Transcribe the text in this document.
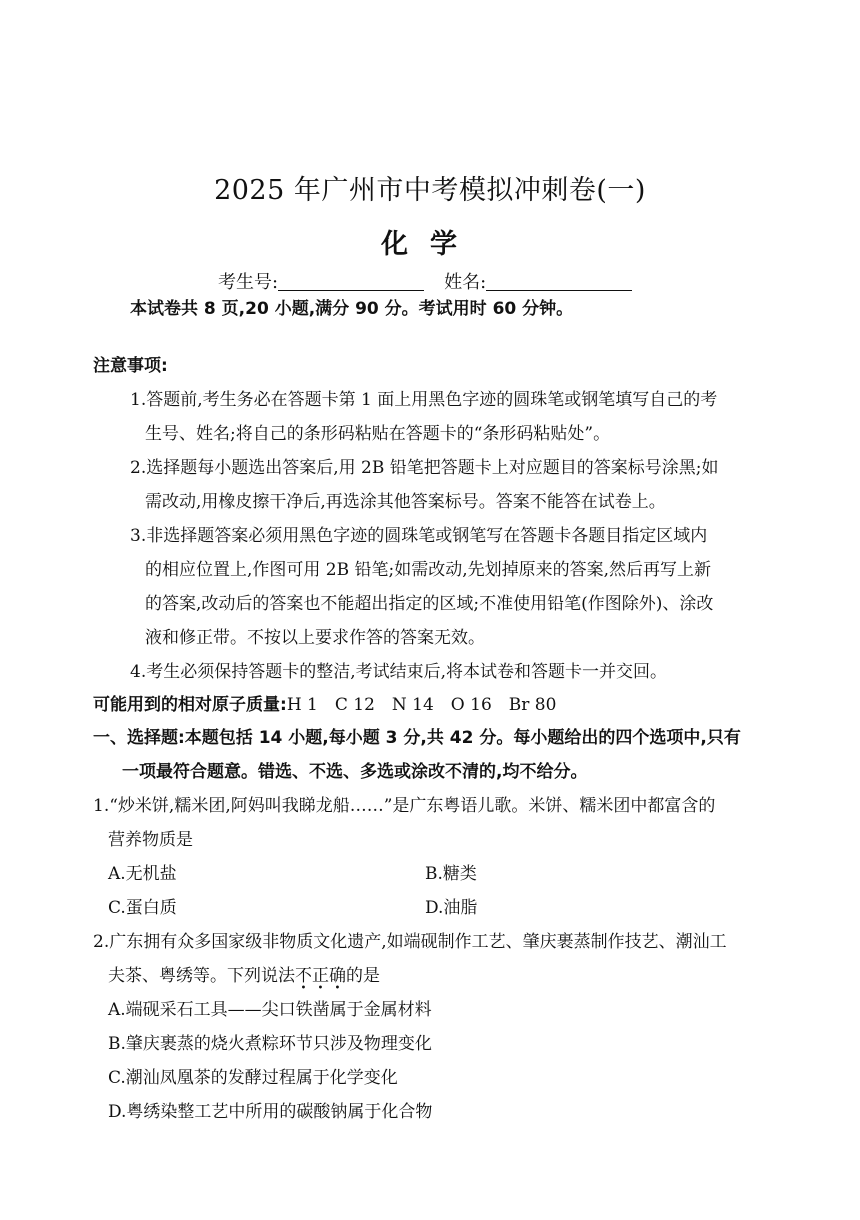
2025 年广州市中考模拟冲刺卷(一)
化学
考生号:	姓名:
本试卷共 8 页,20 小题,满分 90 分。考试用时 60 分钟。
注意事项:
1.答题前,考生务必在答题卡第 1 面上用黑色字迹的圆珠笔或钢笔填写自己的考
生号、姓名;将自己的条形码粘贴在答题卡的“条形码粘贴处”。
2.选择题每小题选出答案后,用 2B 铅笔把答题卡上对应题目的答案标号涂黑;如
需改动,用橡皮擦干净后,再选涂其他答案标号。答案不能答在试卷上。
3.非选择题答案必须用黑色字迹的圆珠笔或钢笔写在答题卡各题目指定区域内
的相应位置上,作图可用 2B 铅笔;如需改动,先划掉原来的答案,然后再写上新
的答案,改动后的答案也不能超出指定的区域;不准使用铅笔(作图除外)、涂改
液和修正带。不按以上要求作答的答案无效。
4.考生必须保持答题卡的整洁,考试结束后,将本试卷和答题卡一并交回。
可能用到的相对原子质量:H 1　C 12　N 14　O 16　Br 80
一、选择题:本题包括 14 小题,每小题 3 分,共 42 分。每小题给出的四个选项中,只有
一项最符合题意。错选、不选、多选或涂改不清的,均不给分。
1.“炒米饼,糯米团,阿妈叫我睇龙船……”是广东粤语儿歌。米饼、糯米团中都富含的
营养物质是
A.无机盐	B.糖类
C.蛋白质	D.油脂
2.广东拥有众多国家级非物质文化遗产,如端砚制作工艺、肇庆裹蒸制作技艺、潮汕工
夫茶、粤绣等。下列说法不正确的是
A.端砚采石工具——尖口铁凿属于金属材料
B.肇庆裹蒸的烧火煮粽环节只涉及物理变化
C.潮汕凤凰茶的发酵过程属于化学变化
D.粤绣染整工艺中所用的碳酸钠属于化合物
